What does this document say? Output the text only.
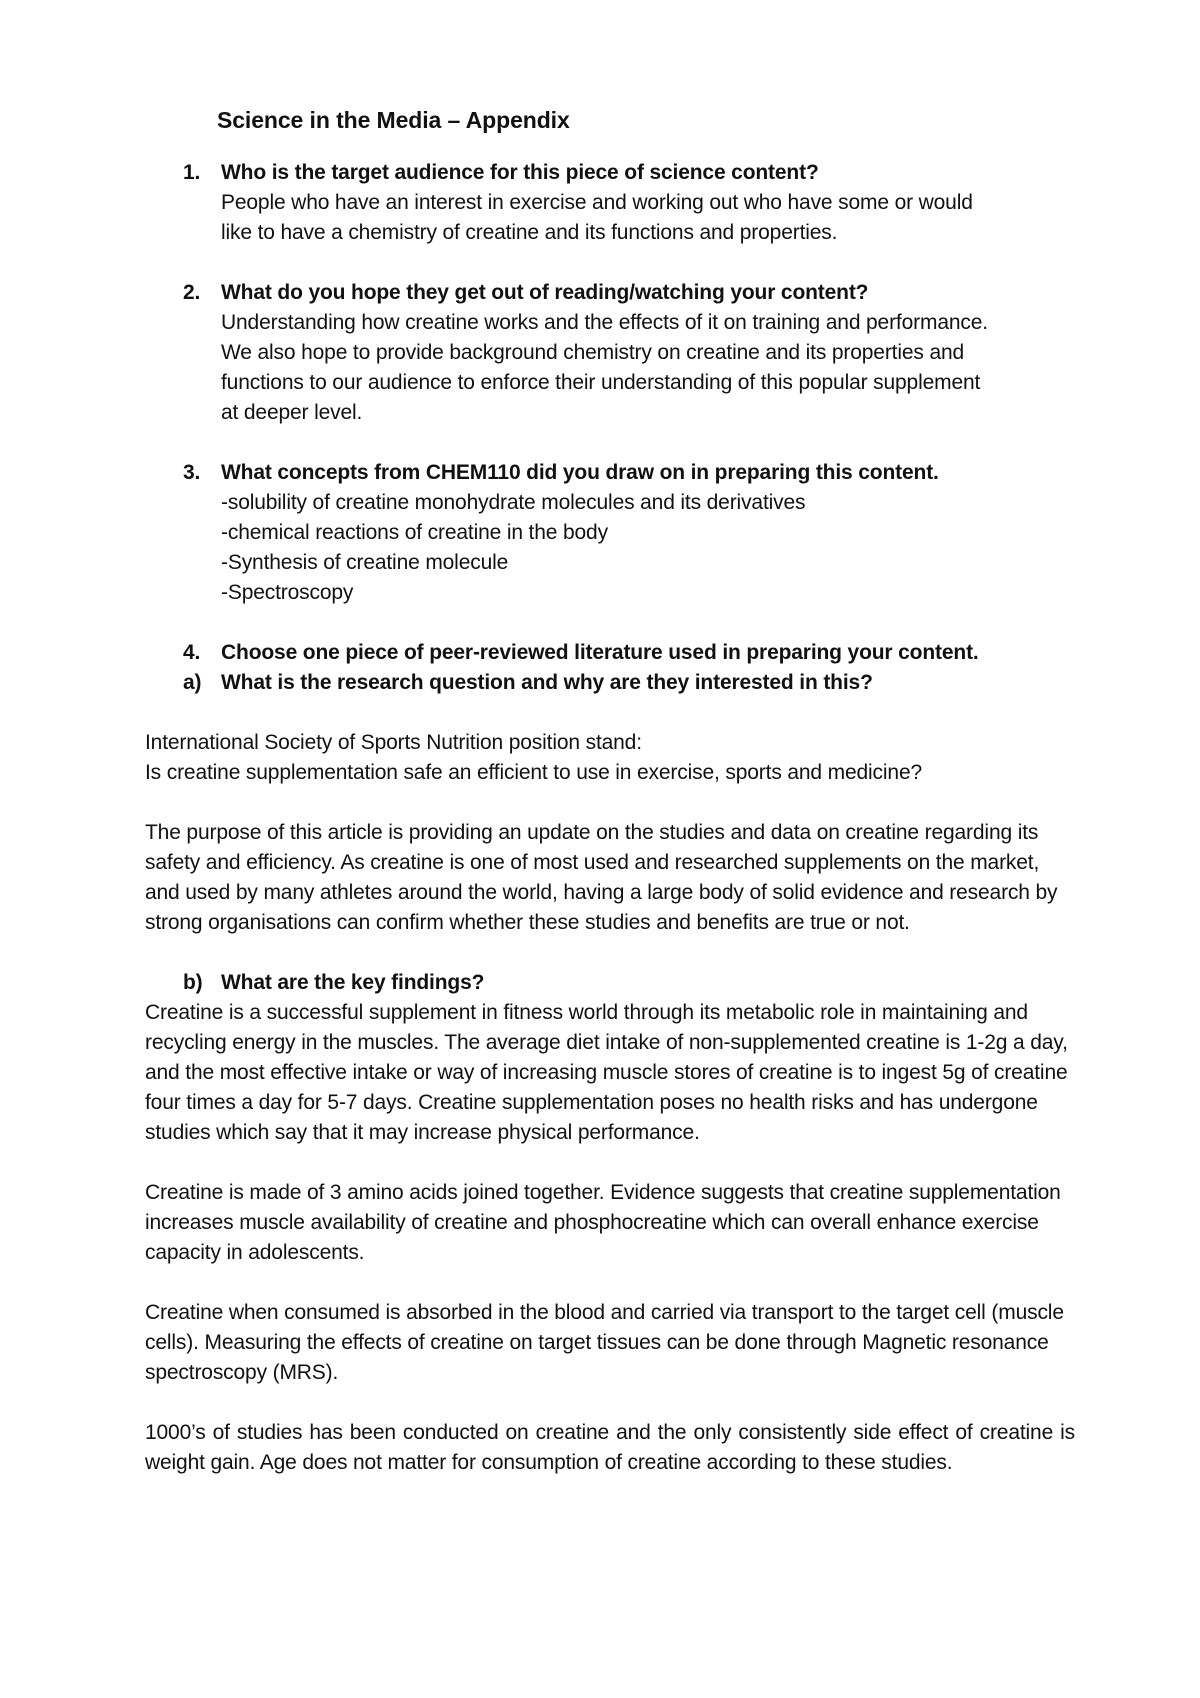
Science in the Media – Appendix
1. Who is the target audience for this piece of science content?
People who have an interest in exercise and working out who have some or would
like to have a chemistry of creatine and its functions and properties.
2. What do you hope they get out of reading/watching your content?
Understanding how creatine works and the effects of it on training and performance.
We also hope to provide background chemistry on creatine and its properties and
functions to our audience to enforce their understanding of this popular supplement
at deeper level.
3. What concepts from CHEM110 did you draw on in preparing this content.
-solubility of creatine monohydrate molecules and its derivatives
-chemical reactions of creatine in the body
-Synthesis of creatine molecule
-Spectroscopy
4. Choose one piece of peer-reviewed literature used in preparing your content.
a) What is the research question and why are they interested in this?

International Society of Sports Nutrition position stand:
Is creatine supplementation safe an efficient to use in exercise, sports and medicine?

The purpose of this article is providing an update on the studies and data on creatine regarding its safety and efficiency. As creatine is one of most used and researched supplements on the market, and used by many athletes around the world, having a large body of solid evidence and research by strong organisations can confirm whether these studies and benefits are true or not.

b) What are the key findings?

Creatine is a successful supplement in fitness world through its metabolic role in maintaining and recycling energy in the muscles. The average diet intake of non-supplemented creatine is 1-2g a day, and the most effective intake or way of increasing muscle stores of creatine is to ingest 5g of creatine four times a day for 5-7 days. Creatine supplementation poses no health risks and has undergone studies which say that it may increase physical performance.

Creatine is made of 3 amino acids joined together. Evidence suggests that creatine supplementation increases muscle availability of creatine and phosphocreatine which can overall enhance exercise capacity in adolescents.

Creatine when consumed is absorbed in the blood and carried via transport to the target cell (muscle cells). Measuring the effects of creatine on target tissues can be done through Magnetic resonance spectroscopy (MRS).

1000’s of studies has been conducted on creatine and the only consistently side effect of creatine is weight gain. Age does not matter for consumption of creatine according to these studies.
